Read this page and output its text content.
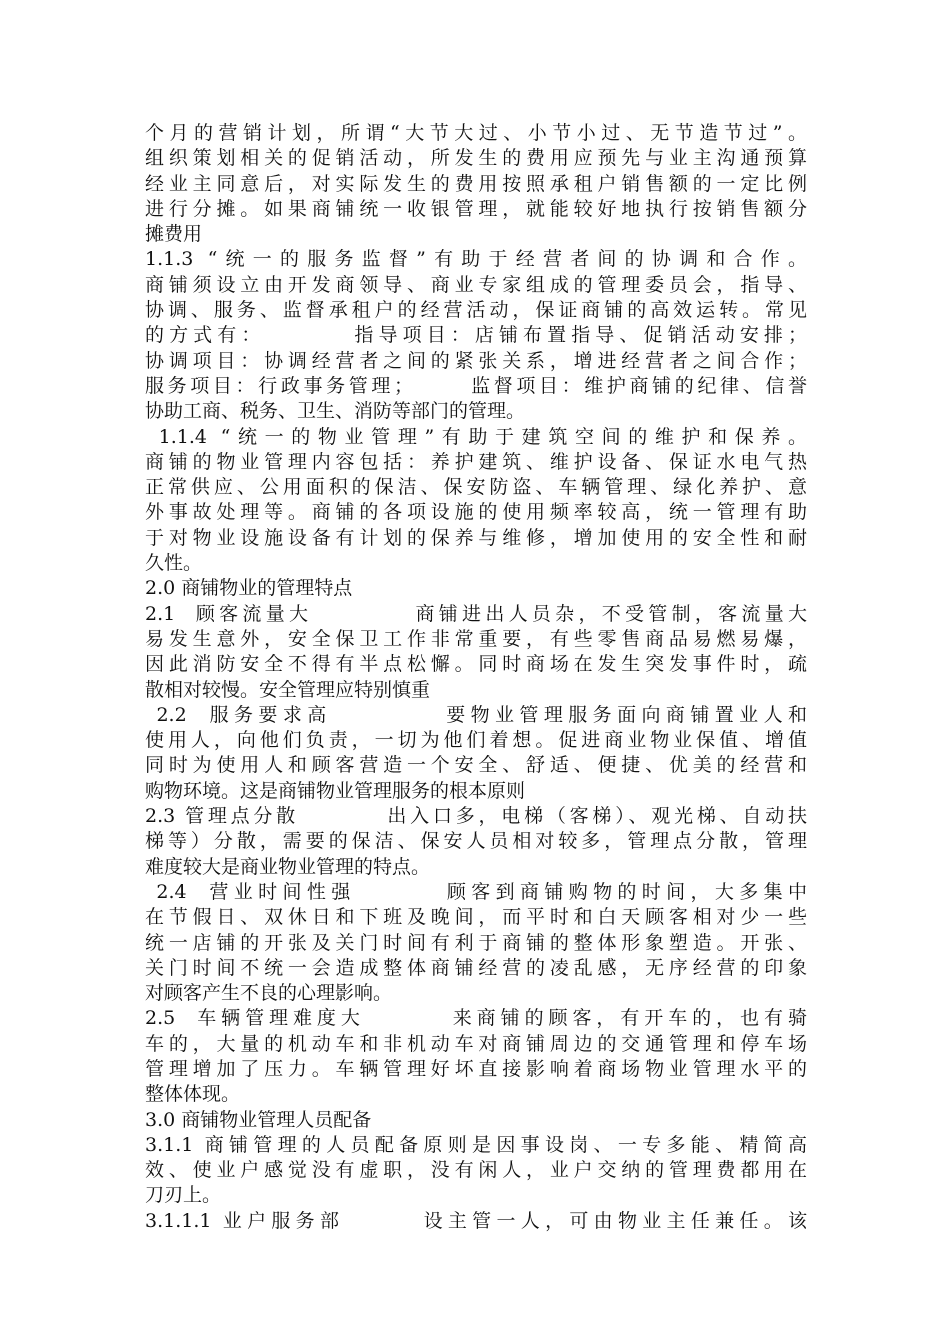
个月的营销计划，所谓“大节大过、小节小过、无节造节过”。
组织策划相关的促销活动，所发生的费用应预先与业主沟通预算
经业主同意后，对实际发生的费用按照承租户销售额的一定比例
进行分摊。如果商铺统一收银管理，就能较好地执行按销售额分
摊费用
1.1.3 “统一的服务监督”有助于经营者间的协调和合作。
商铺须设立由开发商领导、商业专家组成的管理委员会，指导、
协调、服务、监督承租户的经营活动，保证商铺的高效运转。常见
的方式有：        指导项目：店铺布置指导、促销活动安排；
协调项目：协调经营者之间的紧张关系，增进经营者之间合作；
服务项目：行政事务管理；      监督项目：维护商铺的纪律、信誉
协助工商、税务、卫生、消防等部门的管理。
1.1.4 “统一的物业管理”有助于建筑空间的维护和保养。
商铺的物业管理内容包括：养护建筑、维护设备、保证水电气热
正常供应、公用面积的保洁、保安防盗、车辆管理、绿化养护、意
外事故处理等。商铺的各项设施的使用频率较高，统一管理有助
于对物业设施设备有计划的保养与维修，增加使用的安全性和耐
久性。
2.0 商铺物业的管理特点
2.1  顾客流量大          商铺进出人员杂，不受管制，客流量大
易发生意外，安全保卫工作非常重要，有些零售商品易燃易爆，
因此消防安全不得有半点松懈。同时商场在发生突发事件时，疏
散相对较慢。安全管理应特别慎重
2.2  服务要求高          要物业管理服务面向商铺置业人和
使用人，向他们负责，一切为他们着想。促进商业物业保值、增值
同时为使用人和顾客营造一个安全、舒适、便捷、优美的经营和
购物环境。这是商铺物业管理服务的根本原则
2.3 管理点分散         出入口多，电梯（客梯）、观光梯、自动扶
梯等）分散，需要的保洁、保安人员相对较多，管理点分散，管理
难度较大是商业物业管理的特点。
2.4  营业时间性强        顾客到商铺购物的时间，大多集中
在节假日、双休日和下班及晚间，而平时和白天顾客相对少一些
统一店铺的开张及关门时间有利于商铺的整体形象塑造。开张、
关门时间不统一会造成整体商铺经营的凌乱感，无序经营的印象
对顾客产生不良的心理影响。
2.5  车辆管理难度大        来商铺的顾客，有开车的，也有骑
车的，大量的机动车和非机动车对商铺周边的交通管理和停车场
管理增加了压力。车辆管理好坏直接影响着商场物业管理水平的
整体体现。
3.0 商铺物业管理人员配备
3.1.1 商铺管理的人员配备原则是因事设岗、一专多能、精简高
效、使业户感觉没有虚职，没有闲人，业户交纳的管理费都用在
刀刃上。
3.1.1.1 业户服务部       设主管一人，可由物业主任兼任。该
